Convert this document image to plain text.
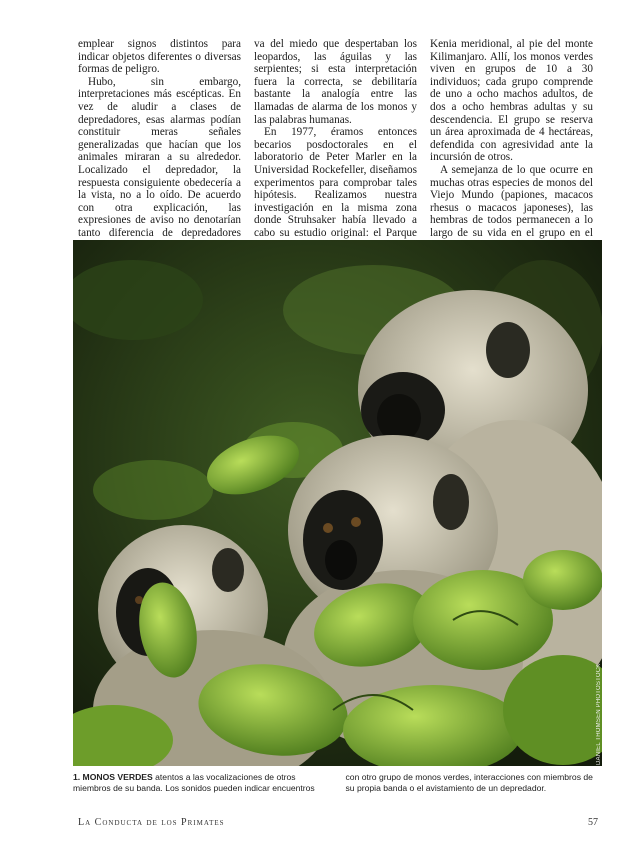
emplear signos distintos para indicar objetos diferentes o diversas formas de peligro.

Hubo, sin embargo, interpretaciones más escépticas. En vez de aludir a clases de depredadores, esas alarmas podían constituir meras señales generalizadas que hacían que los animales miraran a su alrededor. Localizado el depredador, la respuesta consiguiente obedecería a la vista, no a lo oído. De acuerdo con otra explicación, las expresiones de aviso no denotarían tanto diferencia de depredadores

va del miedo que despertaban los leopardos, las águilas y las serpientes; si esta interpretación fuera la correcta, se debilitaría bastante la analogía entre las llamadas de alarma de los monos y las palabras humanas.

En 1977, éramos entonces becarios posdoctorales en el laboratorio de Peter Marler en la Universidad Rockefeller, diseñamos experimentos para comprobar tales hipótesis. Realizamos nuestra investigación en la misma zona donde Struhsaker había llevado a cabo su estudio original: el Parque

Kenia meridional, al pie del monte Kilimanjaro. Allí, los monos verdes viven en grupos de 10 a 30 individuos; cada grupo comprende de uno a ocho machos adultos, de dos a ocho hembras adultas y su descendencia. El grupo se reserva un área aproximada de 4 hectáreas, defendida con agresividad ante la incursión de otros.

A semejanza de lo que ocurre en muchas otras especies de monos del Viejo Mundo (papiones, macacos rhesus o macacos japoneses), las hembras de todos permanecen a lo largo de su vida en el grupo en el

DANIEL THOMSEN PHOTOSTOCK
1. MONOS VERDES atentos a las vocalizaciones de otros miembros de su banda. Los sonidos pueden indicar encuentros con otro grupo de monos verdes, interacciones con miembros de su propia banda o el avistamiento de un depredador.
La Conducta de los Primates	57
